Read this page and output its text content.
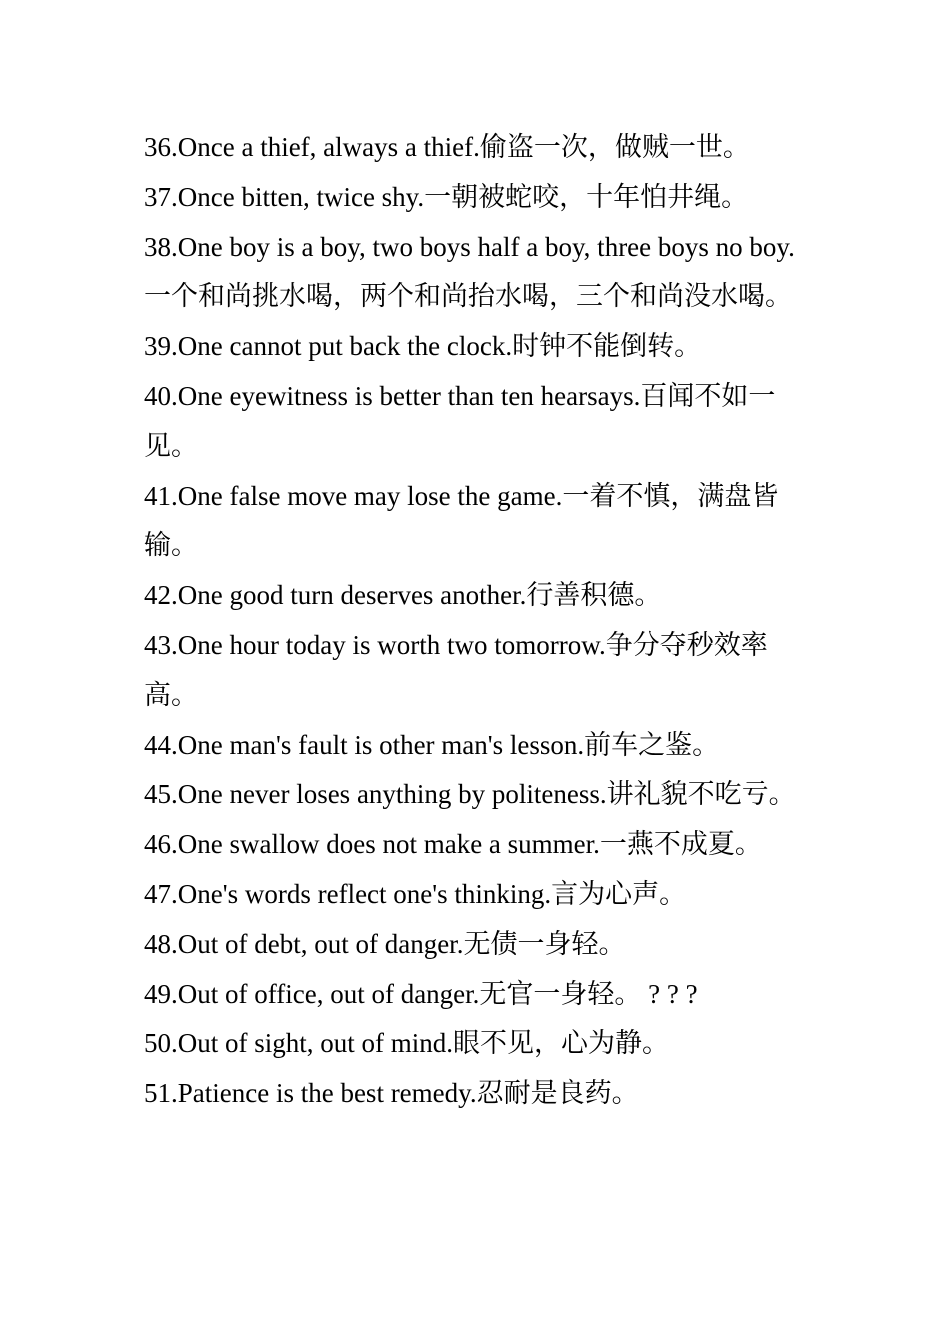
36.Once a thief, always a thief.偷盗一次，做贼一世。

37.Once bitten, twice shy.一朝被蛇咬，十年怕井绳。

38.One boy is a boy, two boys half a boy, three boys no boy.一个和尚挑水喝，两个和尚抬水喝，三个和尚没水喝。

39.One cannot put back the clock.时钟不能倒转。

40.One eyewitness is better than ten hearsays.百闻不如一见。

41.One false move may lose the game.一着不慎，满盘皆输。

42.One good turn deserves another.行善积德。

43.One hour today is worth two tomorrow.争分夺秒效率高。

44.One man's fault is other man's lesson.前车之鉴。

45.One never loses anything by politeness.讲礼貌不吃亏。

46.One swallow does not make a summer.一燕不成夏。

47.One's words reflect one's thinking.言为心声。

48.Out of debt, out of danger.无债一身轻。

49.Out of office, out of danger.无官一身轻。 ? ? ?

50.Out of sight, out of mind.眼不见，心为静。

51.Patience is the best remedy.忍耐是良药。
